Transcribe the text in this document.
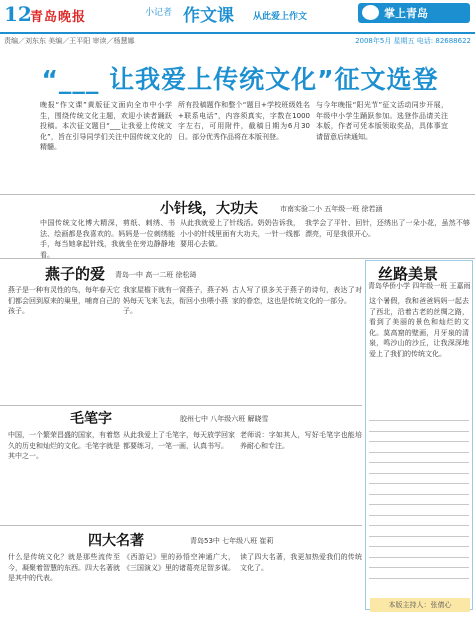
12
青岛晚报	小记者 作文课 从此爱上作文	掌上青岛
责编／刘东东 美编／王平阳 审读／杨慧娜	2008年5月 星期五 电话: 82688622
“___ 让我爱上传统文化”征文选登
晚报“作文课”黄版征文面向全市中小学生，围绕传统文化主题，欢迎小读者踊跃投稿。本次征文题目“___让我爱上传统文化”，旨在引导同学们关注中国传统文化的精髓。
所有投稿题作和整个“题目+学校班级姓名+联系电话”，内容须真实，字数在1000字左右，可用附件，截稿日期为6月30日。部分优秀作品将在本版刊登。
与今年晚报“阳光节”征文活动同步开展，年级中小学生踊跃参加。选登作品请关注本版，作者可凭本版领取奖品，具体事宜请留意后续通知。
小针线，大功夫	市南实验二小 五年级一班 徐若涵
中国传统文化博大精深，剪纸、刺绣、书法、绘画都是我喜欢的。妈妈是一位刺绣能手，每当她拿起针线，我就坐在旁边静静地看。
从此我就爱上了针线活。奶奶告诉我，小小的针线里面有大功夫，一针一线都要用心去做。
我学会了平针、回针，还绣出了一朵小花，虽然不够漂亮，可是我很开心。
燕子的爱 青岛一中 高一二班 徐松琦
燕子是一种有灵性的鸟，每年春天它们都会回到原来的巢里，哺育自己的孩子。
我家屋檐下就有一窝燕子，燕子妈妈每天飞来飞去，衔回小虫喂小燕子。
古人写了很多关于燕子的诗句，表达了对家的眷恋，这也是传统文化的一部分。
丝路美景
青岛华侨小学 四年级一班 王嘉雨
这个暑假，我和爸爸妈妈一起去了西北，沿着古老的丝绸之路，看到了美丽的景色和灿烂的文化。莫高窟的壁画，月牙泉的清泉，鸣沙山的沙丘，让我深深地爱上了我们的传统文化。
毛笔字	胶州七中 八年级六班 解晓雪
中国，一个繁荣昌盛的国家，有着悠久的历史和灿烂的文化。毛笔字就是其中之一。
从此我爱上了毛笔字，每天放学回家都要练习，一笔一画，认真书写。
老师说：字如其人，写好毛笔字也能培养耐心和专注。
四大名著	青岛53中 七年级八班 崔莉
什么是传统文化？就是那些流传至今，凝聚着智慧的东西。四大名著就是其中的代表。
《西游记》里的孙悟空神通广大，《三国演义》里的诸葛亮足智多谋。
读了四大名著，我更加热爱我们的传统文化了。
本版主持人：张倩心
